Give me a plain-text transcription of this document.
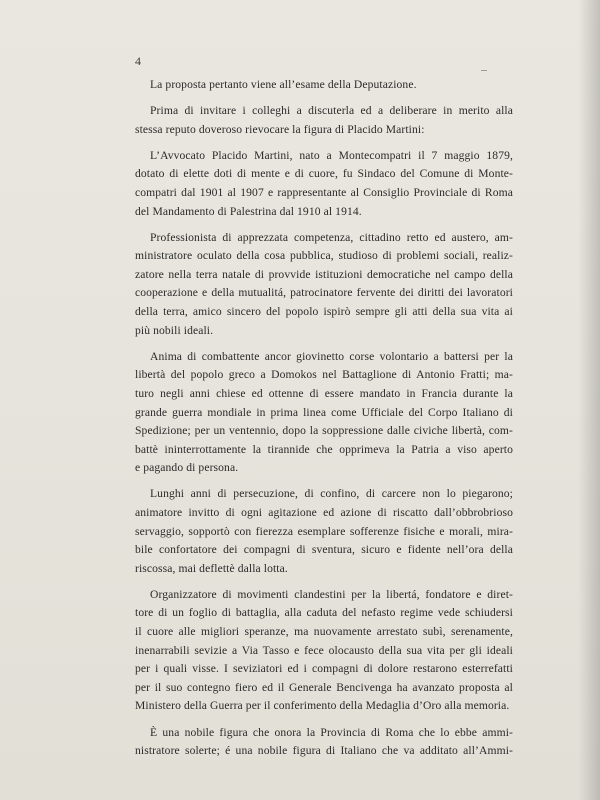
4
La proposta pertanto viene all’esame della Deputazione.
Prima di invitare i colleghi a discuterla ed a deliberare in merito alla
stessa reputo doveroso rievocare la figura di Placido Martini:
L’Avvocato Placido Martini, nato a Montecompatri il 7 maggio 1879,
dotato di elette doti di mente e di cuore, fu Sindaco del Comune di Monte-
compatri dal 1901 al 1907 e rappresentante al Consiglio Provinciale di Roma
del Mandamento di Palestrina dal 1910 al 1914.
Professionista di apprezzata competenza, cittadino retto ed austero, am-
ministratore oculato della cosa pubblica, studioso di problemi sociali, realiz-
zatore nella terra natale di provvide istituzioni democratiche nel campo della
cooperazione e della mutualitá, patrocinatore fervente dei diritti dei lavoratori
della terra, amico sincero del popolo ispirò sempre gli atti della sua vita ai
più nobili ideali.
Anima di combattente ancor giovinetto corse volontario a battersi per la
libertà del popolo greco a Domokos nel Battaglione di Antonio Fratti; ma-
turo negli anni chiese ed ottenne di essere mandato in Francia durante la
grande guerra mondiale in prima linea come Ufficiale del Corpo Italiano di
Spedizione; per un ventennio, dopo la soppressione dalle civiche libertà, com-
battè ininterrottamente la tirannide che opprimeva la Patria a viso aperto
e pagando di persona.
Lunghi anni di persecuzione, di confino, di carcere non lo piegarono;
animatore invitto di ogni agitazione ed azione di riscatto dall’obbrobrioso
servaggio, sopportò con fierezza esemplare sofferenze fisiche e morali, mira-
bile confortatore dei compagni di sventura, sicuro e fidente nell’ora della
riscossa, mai deflettè dalla lotta.
Organizzatore di movimenti clandestini per la libertá, fondatore e diret-
tore di un foglio di battaglia, alla caduta del nefasto regime vede schiudersi
il cuore alle migliori speranze, ma nuovamente arrestato subì, serenamente,
inenarrabili sevizie a Via Tasso e fece olocausto della sua vita per gli ideali
per i quali visse. I seviziatori ed i compagni di dolore restarono esterrefatti
per il suo contegno fiero ed il Generale Bencivenga ha avanzato proposta al
Ministero della Guerra per il conferimento della Medaglia d’Oro alla memoria.
È una nobile figura che onora la Provincia di Roma che lo ebbe ammi-
nistratore solerte; é una nobile figura di Italiano che va additato all’Ammi-
